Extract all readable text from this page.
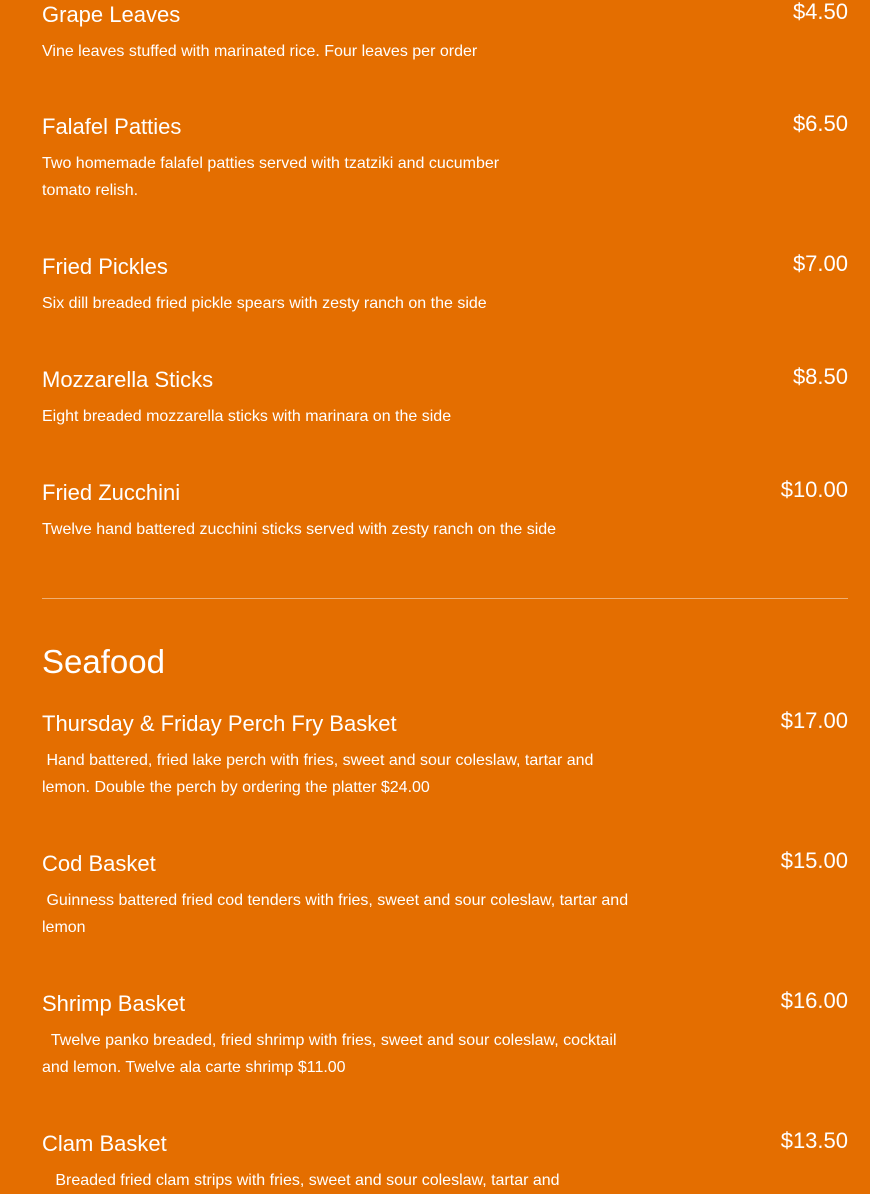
Grape Leaves	$4.50
Vine leaves stuffed with marinated rice. Four leaves per order
Falafel Patties	$6.50
Two homemade falafel patties served with tzatziki and cucumber
tomato relish.
Fried Pickles	$7.00
Six dill breaded fried pickle spears with zesty ranch on the side
Mozzarella Sticks	$8.50
Eight breaded mozzarella sticks with marinara on the side
Fried Zucchini	$10.00
Twelve hand battered zucchini sticks served with zesty ranch on the side
Seafood
Thursday & Friday Perch Fry Basket	$17.00
Hand battered, fried lake perch with fries, sweet and sour coleslaw, tartar and lemon. Double the perch by ordering the platter $24.00
Cod Basket	$15.00
Guinness battered fried cod tenders with fries, sweet and sour coleslaw, tartar and lemon
Shrimp Basket	$16.00
Twelve panko breaded, fried shrimp with fries, sweet and sour coleslaw, cocktail and lemon. Twelve ala carte shrimp $11.00
Clam Basket	$13.50
Breaded fried clam strips with fries, sweet and sour coleslaw, tartar and
